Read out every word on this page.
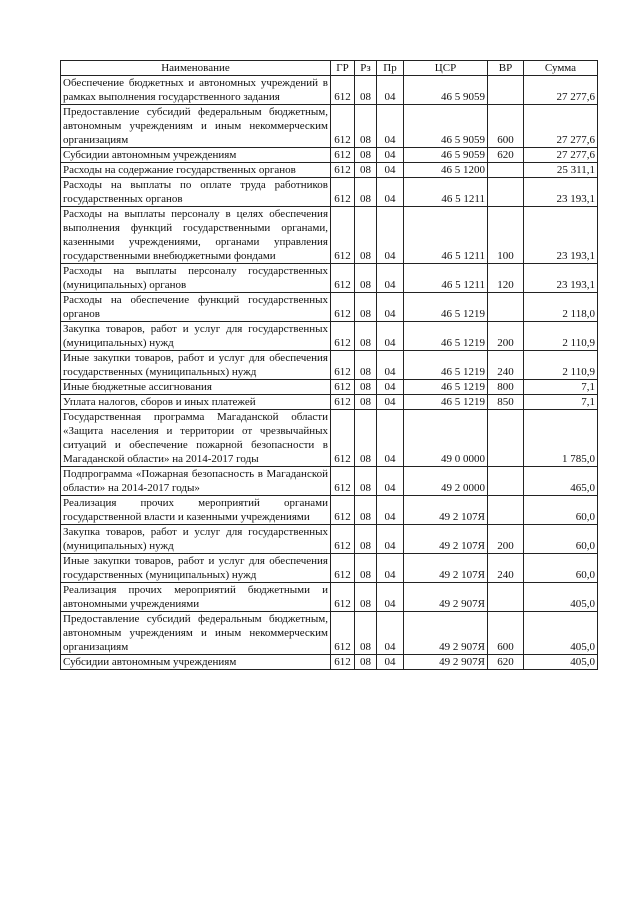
Наименование	ГР	Рз	Пр	ЦСР	ВР	Сумма
Обеспечение бюджетных и автономных учреждений в рамках выполнения государственного задания	612	08	04	46 5 9059		27 277,6
Предоставление субсидий федеральным бюджетным, автономным учреждениям и иным некоммерческим организациям	612	08	04	46 5 9059	600	27 277,6
Субсидии автономным учреждениям	612	08	04	46 5 9059	620	27 277,6
Расходы на содержание государственных органов	612	08	04	46 5 1200		25 311,1
Расходы на выплаты по оплате труда работников государственных органов	612	08	04	46 5 1211		23 193,1
Расходы на выплаты персоналу в целях обеспечения выполнения функций государственными органами, казенными учреждениями, органами управления государственными внебюджетными фондами	612	08	04	46 5 1211	100	23 193,1
Расходы на выплаты персоналу государственных (муниципальных) органов	612	08	04	46 5 1211	120	23 193,1
Расходы на обеспечение функций государственных органов	612	08	04	46 5 1219		2 118,0
Закупка товаров, работ и услуг для государственных (муниципальных) нужд	612	08	04	46 5 1219	200	2 110,9
Иные закупки товаров, работ и услуг для обеспечения государственных (муниципальных) нужд	612	08	04	46 5 1219	240	2 110,9
Иные бюджетные ассигнования	612	08	04	46 5 1219	800	7,1
Уплата налогов, сборов и иных платежей	612	08	04	46 5 1219	850	7,1
Государственная программа Магаданской области «Защита населения и территории от чрезвычайных ситуаций и обеспечение пожарной безопасности в Магаданской области» на 2014-2017 годы	612	08	04	49 0 0000		1 785,0
Подпрограмма «Пожарная безопасность в Магаданской области» на 2014-2017 годы»	612	08	04	49 2 0000		465,0
Реализация прочих мероприятий органами государственной власти и казенными учреждениями	612	08	04	49 2 107Я		60,0
Закупка товаров, работ и услуг для государственных (муниципальных) нужд	612	08	04	49 2 107Я	200	60,0
Иные закупки товаров, работ и услуг для обеспечения государственных (муниципальных) нужд	612	08	04	49 2 107Я	240	60,0
Реализация прочих мероприятий бюджетными и автономными учреждениями	612	08	04	49 2 907Я		405,0
Предоставление субсидий федеральным бюджетным, автономным учреждениям и иным некоммерческим организациям	612	08	04	49 2 907Я	600	405,0
Субсидии автономным учреждениям	612	08	04	49 2 907Я	620	405,0
